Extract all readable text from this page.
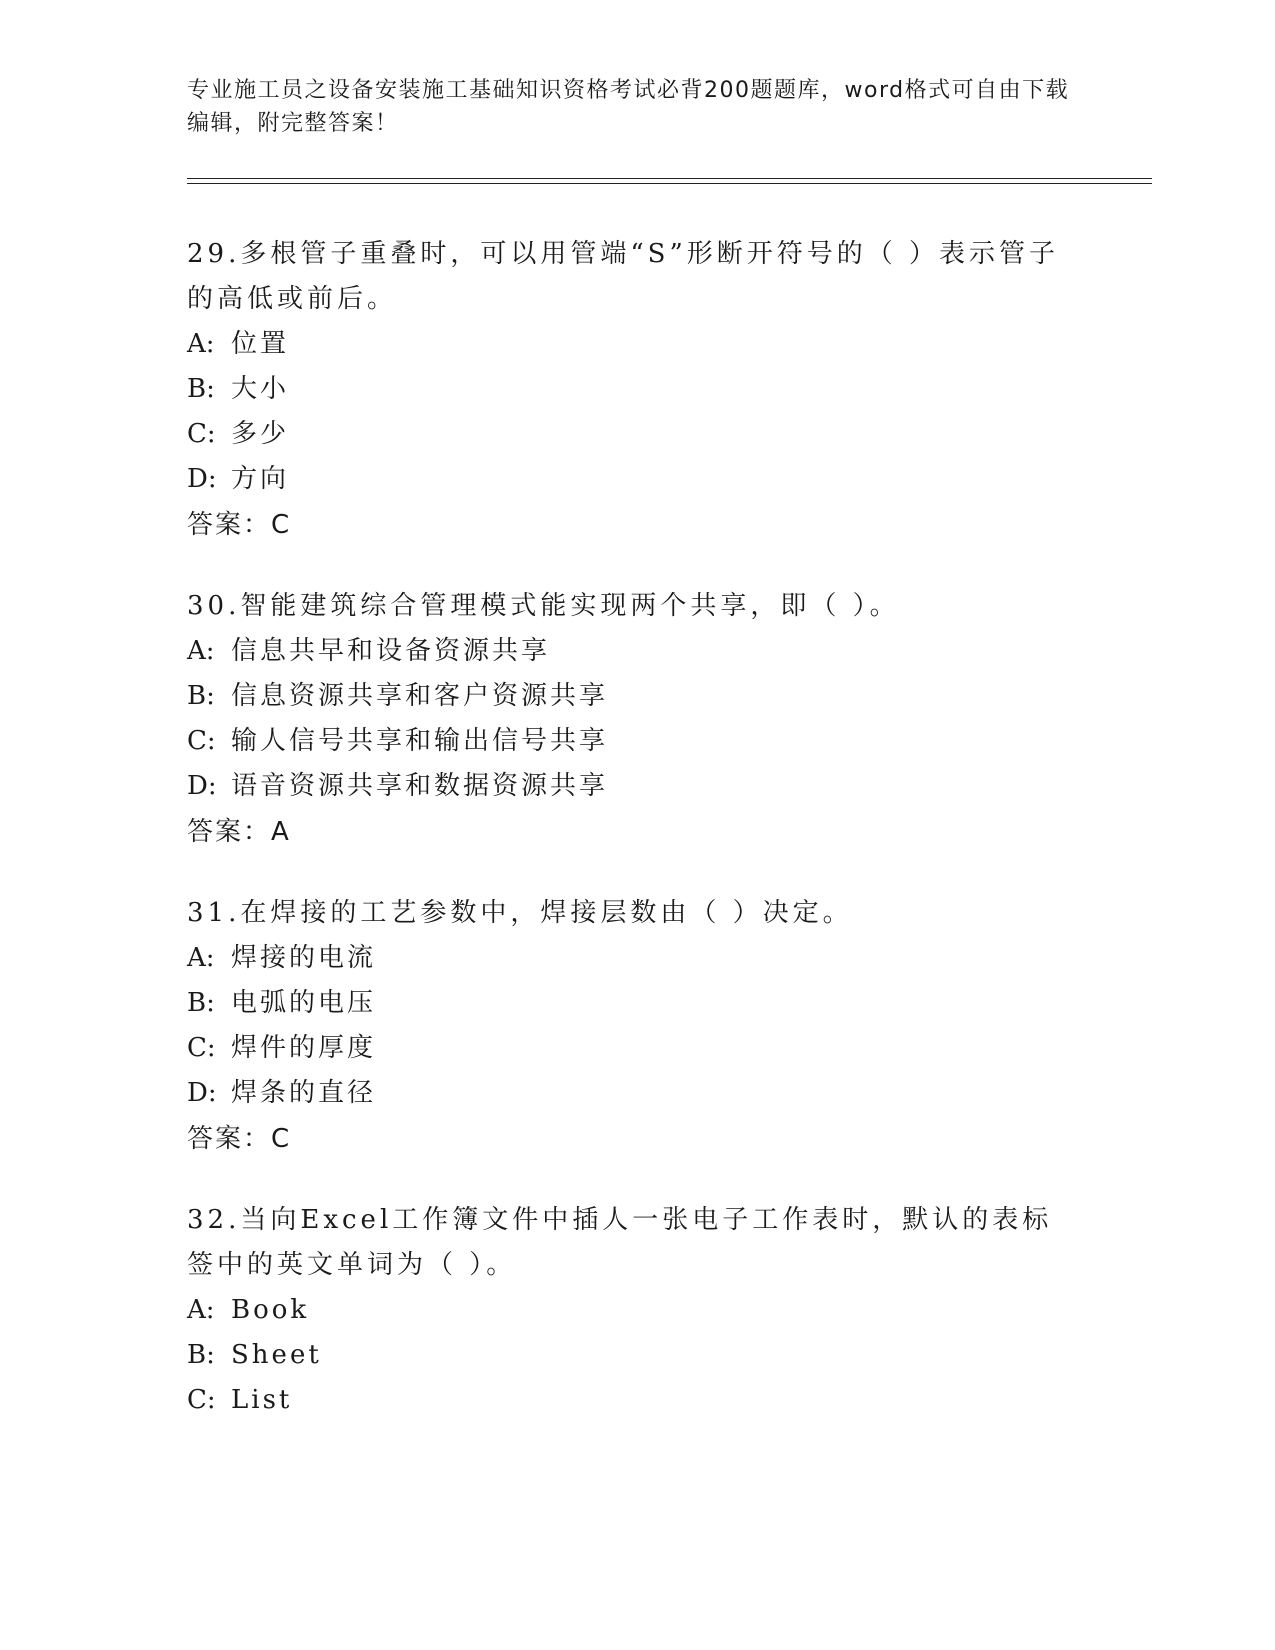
专业施工员之设备安装施工基础知识资格考试必背200题题库，word格式可自由下载编辑，附完整答案！

29.多根管子重叠时，可以用管端“S”形断开符号的（ ）表示管子的高低或前后。

A: 位置

B: 大小

C: 多少

D: 方向

答案：C

30.智能建筑综合管理模式能实现两个共享，即（ ）。

A: 信息共早和设备资源共享

B: 信息资源共享和客户资源共享

C: 输人信号共享和输出信号共享

D: 语音资源共享和数据资源共享

答案：A

31.在焊接的工艺参数中，焊接层数由（ ）决定。

A: 焊接的电流

B: 电弧的电压

C: 焊件的厚度

D: 焊条的直径

答案：C

32.当向Excel工作簿文件中插人一张电子工作表时，默认的表标签中的英文单词为（ ）。

A: Book

B: Sheet

C: List
